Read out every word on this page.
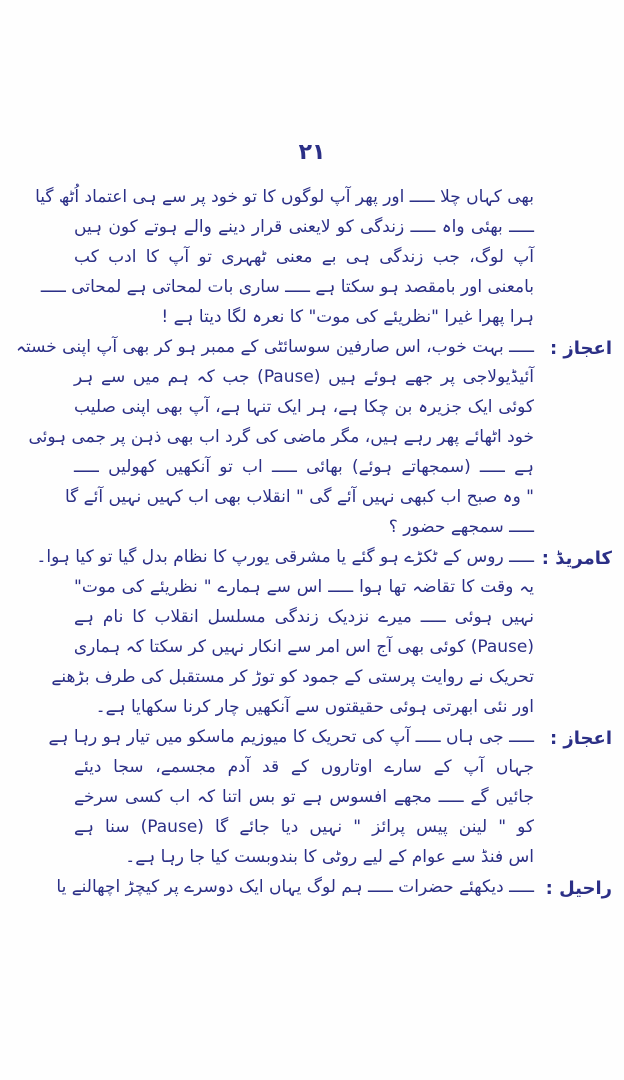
۲۱
بھی کہاں چلا ـــــ اور پھر آپ لوگوں کا تو خود پر سے ہی اعتماد اُٹھ گیا
ـــــ بھئی واہ ـــــ زندگی کو لایعنی قرار دینے والے ہوتے کون ہیں
آپ لوگ، جب زندگی ہی بے معنی ٹھہری تو آپ کا ادب کب
بامعنی اور بامقصد ہو سکتا ہے ـــــ ساری بات لمحاتی ہے لمحاتی ـــــ
ہرا پھرا غیرا "نظریئے کی موت" کا نعرہ لگا دیتا ہے !
ـــــ بہت خوب، اس صارفین سوسائٹی کے ممبر ہو کر بھی آپ اپنی خستہ
آئیڈیولاجی پر جھے ہوئے ہیں (Pause) جب کہ ہم میں سے ہر
کوئی ایک جزیرہ بن چکا ہے، ہر ایک تنہا ہے، آپ بھی اپنی صلیب
خود اٹھائے پھر رہے ہیں، مگر ماضی کی گرد اب بھی ذہن پر جمی ہوئی
ہے ـــــ (سمجھاتے ہوئے) بھائی ـــــ اب تو آنکھیں کھولیں ـــــ
" وہ صبح اب کبھی نہیں آئے گی " انقلاب بھی اب کہیں نہیں آئے گا
ـــــ سمجھے حضور ؟
ـــــ روس کے ٹکڑے ہو گئے یا مشرقی یورپ کا نظام بدل گیا تو کیا ہوا۔
یہ وقت کا تقاضہ تھا ہوا ـــــ اس سے ہمارے " نظریئے کی موت"
نہیں ہوئی ـــــ میرے نزدیک زندگی مسلسل انقلاب کا نام ہے
(Pause) کوئی بھی آج اس امر سے انکار نہیں کر سکتا کہ ہماری
تحریک نے روایت پرستی کے جمود کو توڑ کر مستقبل کی طرف بڑھنے
اور نئی ابھرتی ہوئی حقیقتوں سے آنکھیں چار کرنا سکھایا ہے۔
ـــــ جی ہاں ـــــ آپ کی تحریک کا میوزیم ماسکو میں تیار ہو رہا ہے
جہاں آپ کے سارے اوتاروں کے قد آدم مجسمے، سجا دیئے
جائیں گے ـــــ مجھے افسوس ہے تو بس اتنا کہ اب کسی سرخے
کو " لینن پیس پرائز " نہیں دیا جائے گا (Pause) سنا ہے
اس فنڈ سے عوام کے لیے روٹی کا بندوبست کیا جا رہا ہے۔
ـــــ دیکھئے حضرات ـــــ ہم لوگ یہاں ایک دوسرے پر کیچڑ اچھالنے یا
اعجاز :
کامریڈ :
اعجاز :
راحیل :
